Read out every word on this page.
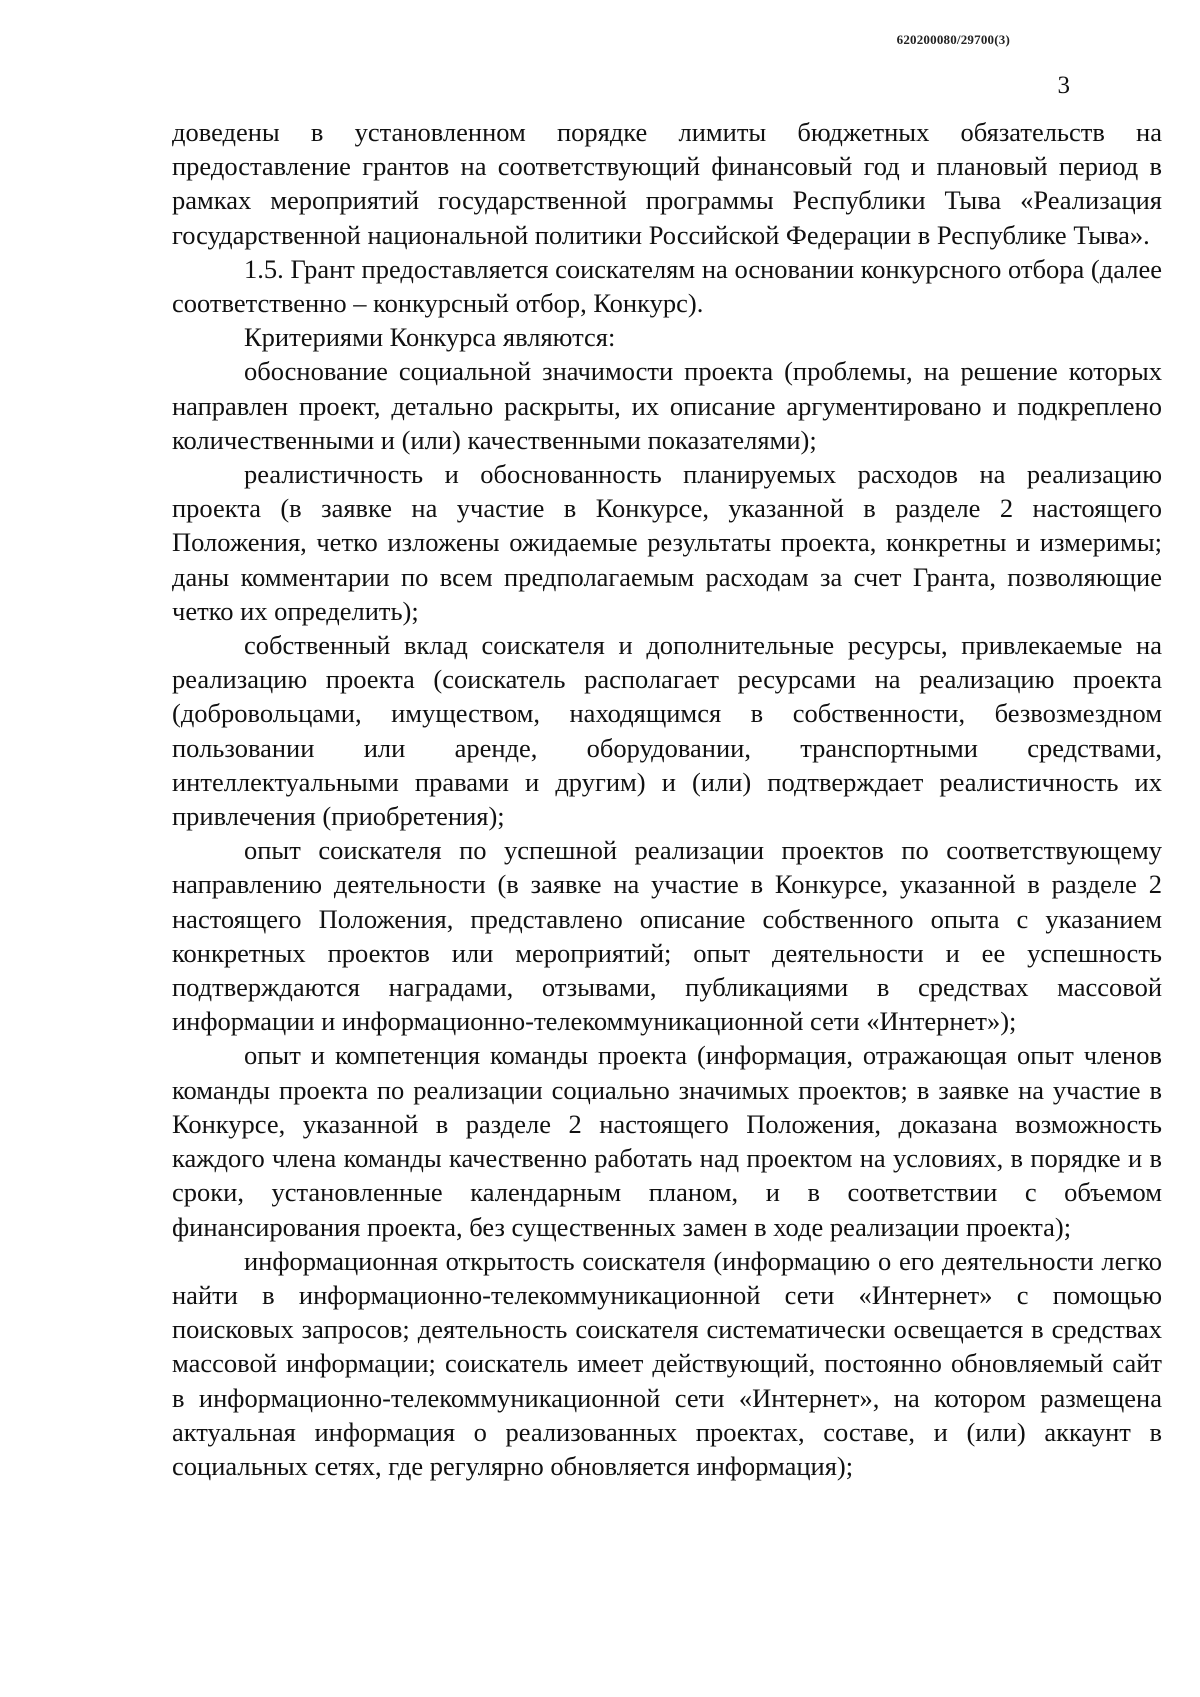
620200080/29700(3)
3

доведены в установленном порядке лимиты бюджетных обязательств на предоставление грантов на соответствующий финансовый год и плановый период в рамках мероприятий государственной программы Республики Тыва «Реализация государственной национальной политики Российской Федерации в Республике Тыва».

1.5. Грант предоставляется соискателям на основании конкурсного отбора (далее соответственно – конкурсный отбор, Конкурс).

Критериями Конкурса являются:

обоснование социальной значимости проекта (проблемы, на решение которых направлен проект, детально раскрыты, их описание аргументировано и подкреплено количественными и (или) качественными показателями);

реалистичность и обоснованность планируемых расходов на реализацию проекта (в заявке на участие в Конкурсе, указанной в разделе 2 настоящего Положения, четко изложены ожидаемые результаты проекта, конкретны и измеримы; даны комментарии по всем предполагаемым расходам за счет Гранта, позволяющие четко их определить);

собственный вклад соискателя и дополнительные ресурсы, привлекаемые на реализацию проекта (соискатель располагает ресурсами на реализацию проекта (добровольцами, имуществом, находящимся в собственности, безвозмездном пользовании или аренде, оборудовании, транспортными средствами, интеллектуальными правами и другим) и (или) подтверждает реалистичность их привлечения (приобретения);

опыт соискателя по успешной реализации проектов по соответствующему направлению деятельности (в заявке на участие в Конкурсе, указанной в разделе 2 настоящего Положения, представлено описание собственного опыта с указанием конкретных проектов или мероприятий; опыт деятельности и ее успешность подтверждаются наградами, отзывами, публикациями в средствах массовой информации и информационно-телекоммуникационной сети «Интернет»);

опыт и компетенция команды проекта (информация, отражающая опыт членов команды проекта по реализации социально значимых проектов; в заявке на участие в Конкурсе, указанной в разделе 2 настоящего Положения, доказана возможность каждого члена команды качественно работать над проектом на условиях, в порядке и в сроки, установленные календарным планом, и в соответствии с объемом финансирования проекта, без существенных замен в ходе реализации проекта);

информационная открытость соискателя (информацию о его деятельности легко найти в информационно-телекоммуникационной сети «Интернет» с помощью поисковых запросов; деятельность соискателя систематически освещается в средствах массовой информации; соискатель имеет действующий, постоянно обновляемый сайт в информационно-телекоммуникационной сети «Интернет», на котором размещена актуальная информация о реализованных проектах, составе, и (или) аккаунт в социальных сетях, где регулярно обновляется информация);
